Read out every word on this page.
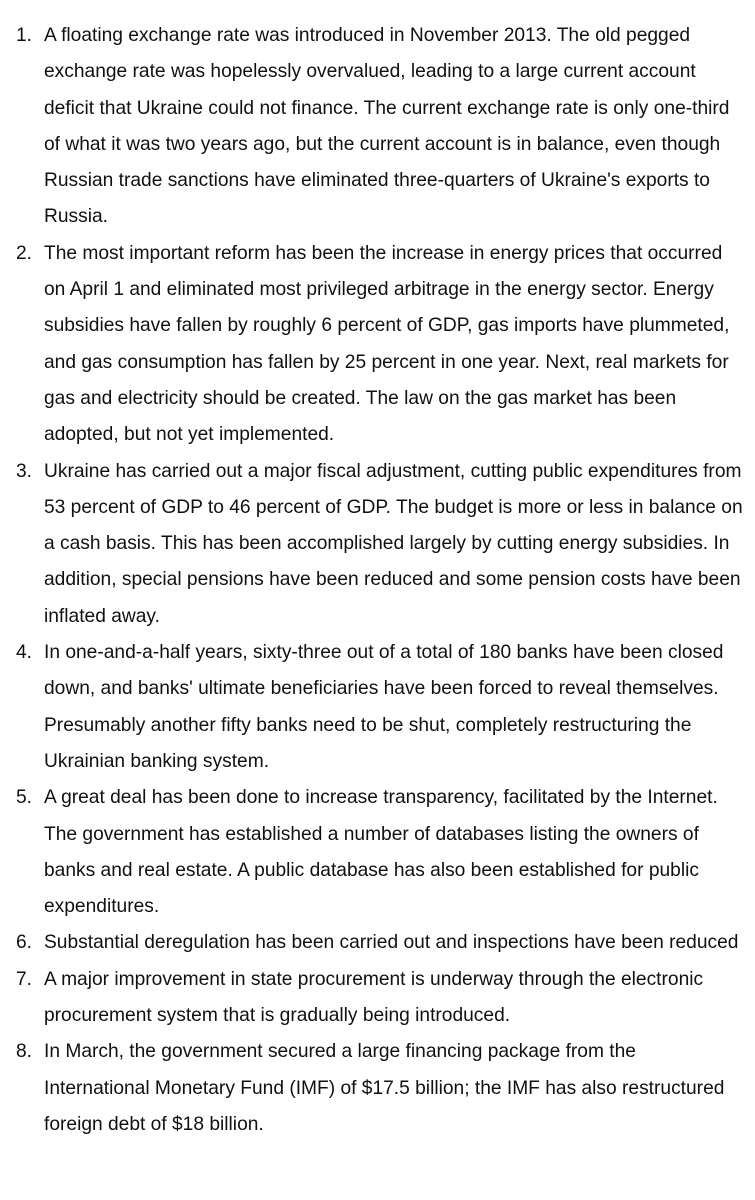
1. A floating exchange rate was introduced in November 2013. The old pegged exchange rate was hopelessly overvalued, leading to a large current account deficit that Ukraine could not finance. The current exchange rate is only one-third of what it was two years ago, but the current account is in balance, even though Russian trade sanctions have eliminated three-quarters of Ukraine's exports to Russia.
2. The most important reform has been the increase in energy prices that occurred on April 1 and eliminated most privileged arbitrage in the energy sector. Energy subsidies have fallen by roughly 6 percent of GDP, gas imports have plummeted, and gas consumption has fallen by 25 percent in one year. Next, real markets for gas and electricity should be created. The law on the gas market has been adopted, but not yet implemented.
3. Ukraine has carried out a major fiscal adjustment, cutting public expenditures from 53 percent of GDP to 46 percent of GDP. The budget is more or less in balance on a cash basis. This has been accomplished largely by cutting energy subsidies. In addition, special pensions have been reduced and some pension costs have been inflated away.
4. In one-and-a-half years, sixty-three out of a total of 180 banks have been closed down, and banks' ultimate beneficiaries have been forced to reveal themselves. Presumably another fifty banks need to be shut, completely restructuring the Ukrainian banking system.
5. A great deal has been done to increase transparency, facilitated by the Internet. The government has established a number of databases listing the owners of banks and real estate. A public database has also been established for public expenditures.
6. Substantial deregulation has been carried out and inspections have been reduced
7. A major improvement in state procurement is underway through the electronic procurement system that is gradually being introduced.
8. In March, the government secured a large financing package from the International Monetary Fund (IMF) of $17.5 billion; the IMF has also restructured foreign debt of $18 billion.
